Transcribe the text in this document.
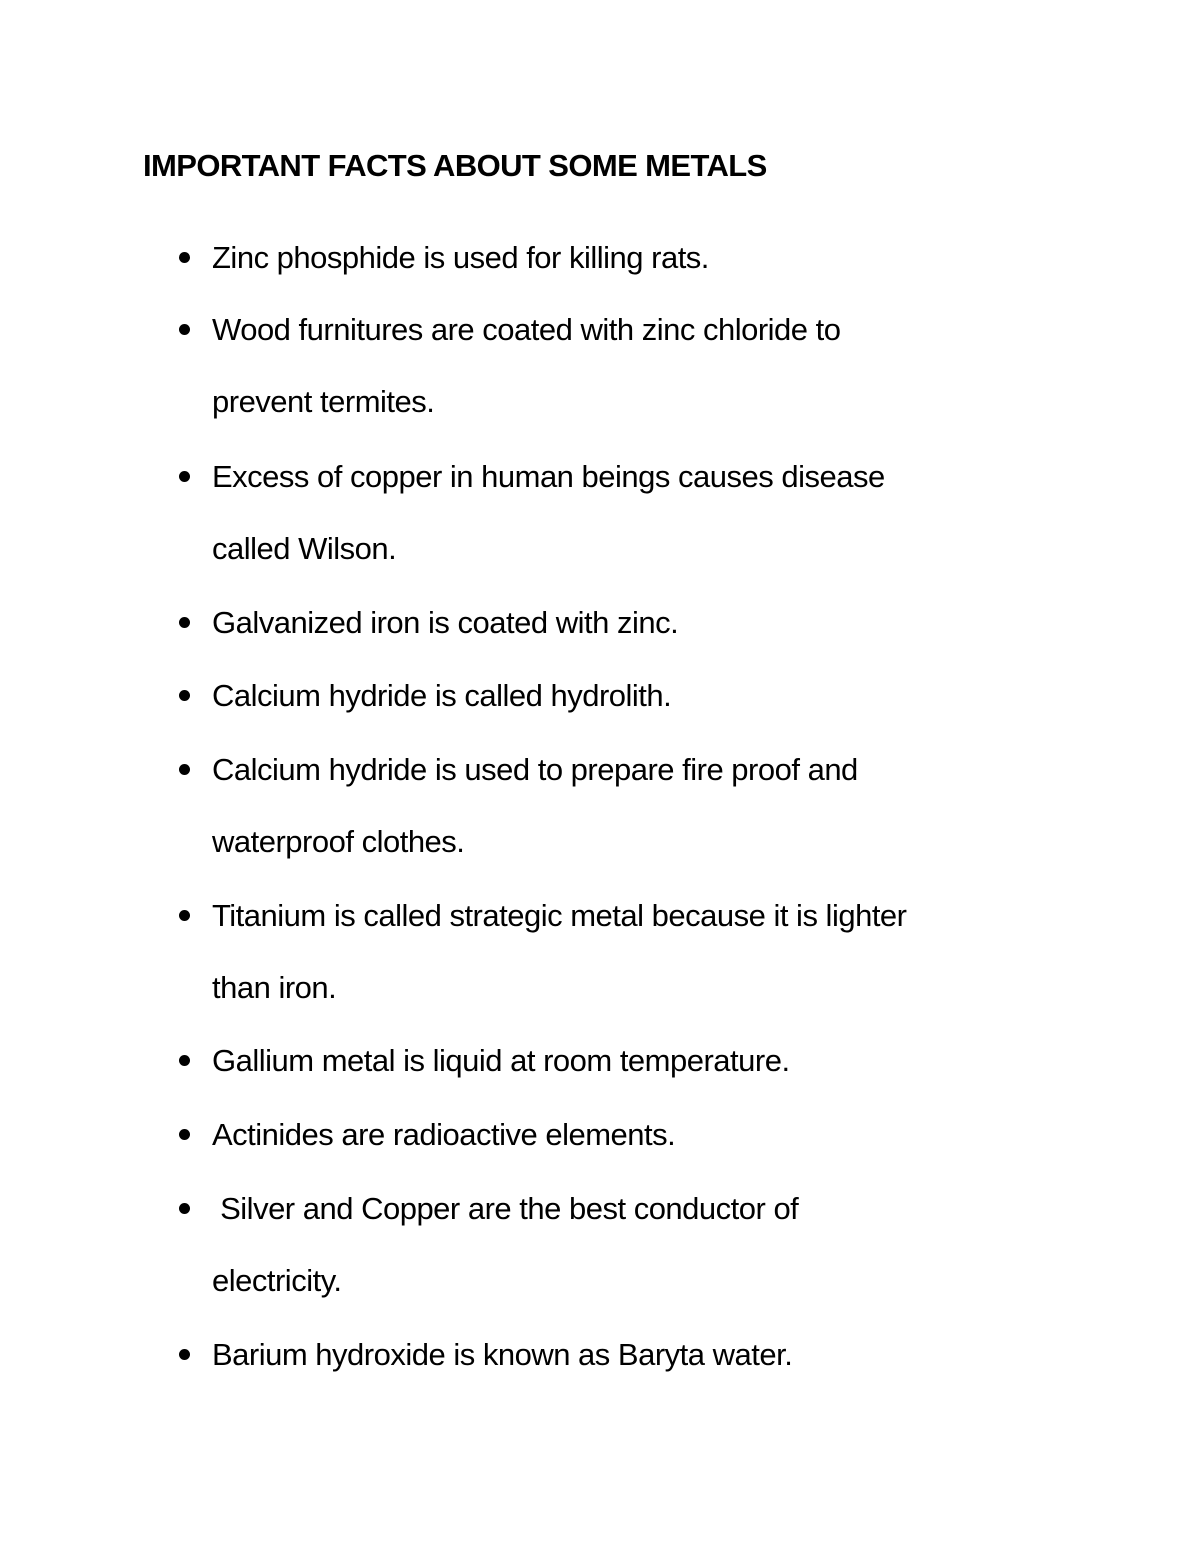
IMPORTANT FACTS ABOUT SOME METALS
Zinc phosphide is used for killing rats.
Wood furnitures are coated with zinc chloride to
prevent termites.
Excess of copper in human beings causes disease
called Wilson.
Galvanized iron is coated with zinc.
Calcium hydride is called hydrolith.
Calcium hydride is used to prepare fire proof and
waterproof clothes.
Titanium is called strategic metal because it is lighter
than iron.
Gallium metal is liquid at room temperature.
Actinides are radioactive elements.
Silver and Copper are the best conductor of
electricity.
Barium hydroxide is known as Baryta water.
